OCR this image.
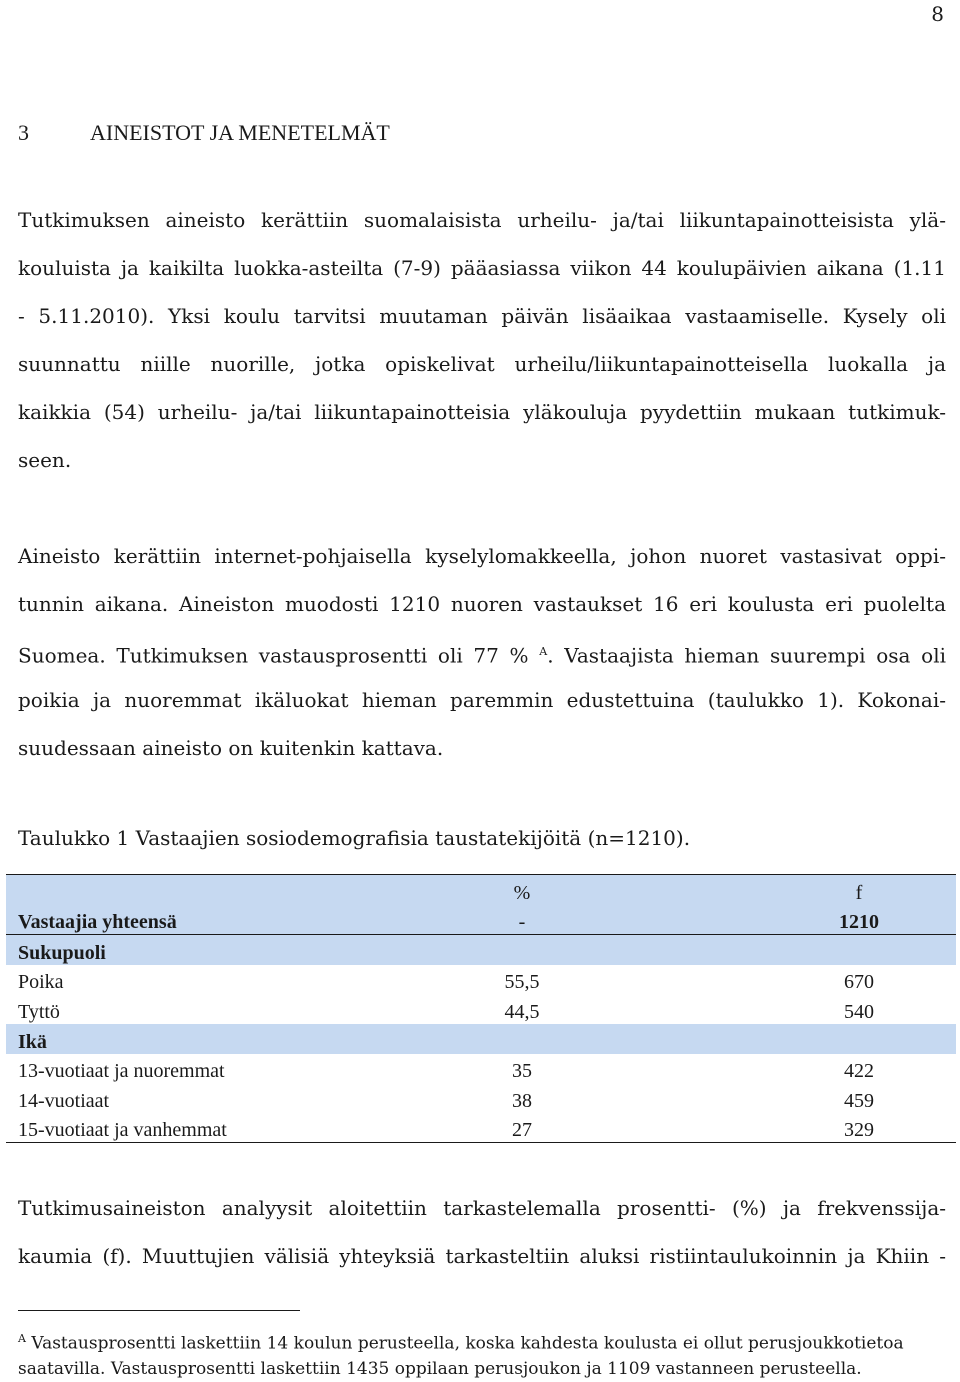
8
3	AINEISTOT JA MENETELMÄT
Tutkimuksen aineisto kerättiin suomalaisista urheilu- ja/tai liikuntapainotteisista ylä-
kouluista ja kaikilta luokka-asteilta (7-9) pääasiassa viikon 44 koulupäivien aikana (1.11
- 5.11.2010). Yksi koulu tarvitsi muutaman päivän lisäaikaa vastaamiselle. Kysely oli
suunnattu niille nuorille, jotka opiskelivat urheilu/liikuntapainotteisella luokalla ja
kaikkia (54) urheilu- ja/tai liikuntapainotteisia yläkouluja pyydettiin mukaan tutkimuk-
seen.
Aineisto kerättiin internet-pohjaisella kyselylomakkeella, johon nuoret vastasivat oppi-
tunnin aikana. Aineiston muodosti 1210 nuoren vastaukset 16 eri koulusta eri puolelta
Suomea. Tutkimuksen vastausprosentti oli 77 % $^A$. Vastaajista hieman suurempi osa oli
poikia ja nuoremmat ikäluokat hieman paremmin edustettuina (taulukko 1). Kokonai-
suudessaan aineisto on kuitenkin kattava.
Taulukko 1 Vastaajien sosiodemografisia taustatekijöitä (n=1210).
	%	f
Vastaajia yhteensä	-	1210
Sukupuoli		
Poika	55,5	670
Tyttö	44,5	540
Ikä		
13-vuotiaat ja nuoremmat	35	422
14-vuotiaat	38	459
15-vuotiaat ja vanhemmat	27	329
Tutkimusaineiston analyysit aloitettiin tarkastelemalla prosentti- (%) ja frekvenssija-
kaumia (f). Muuttujien välisiä yhteyksiä tarkasteltiin aluksi ristiintaulukoinnin ja Khiin -
$^A$ Vastausprosentti laskettiin 14 koulun perusteella, koska kahdesta koulusta ei ollut perusjoukkotietoa
saatavilla. Vastausprosentti laskettiin 1435 oppilaan perusjoukon ja 1109 vastanneen perusteella.
